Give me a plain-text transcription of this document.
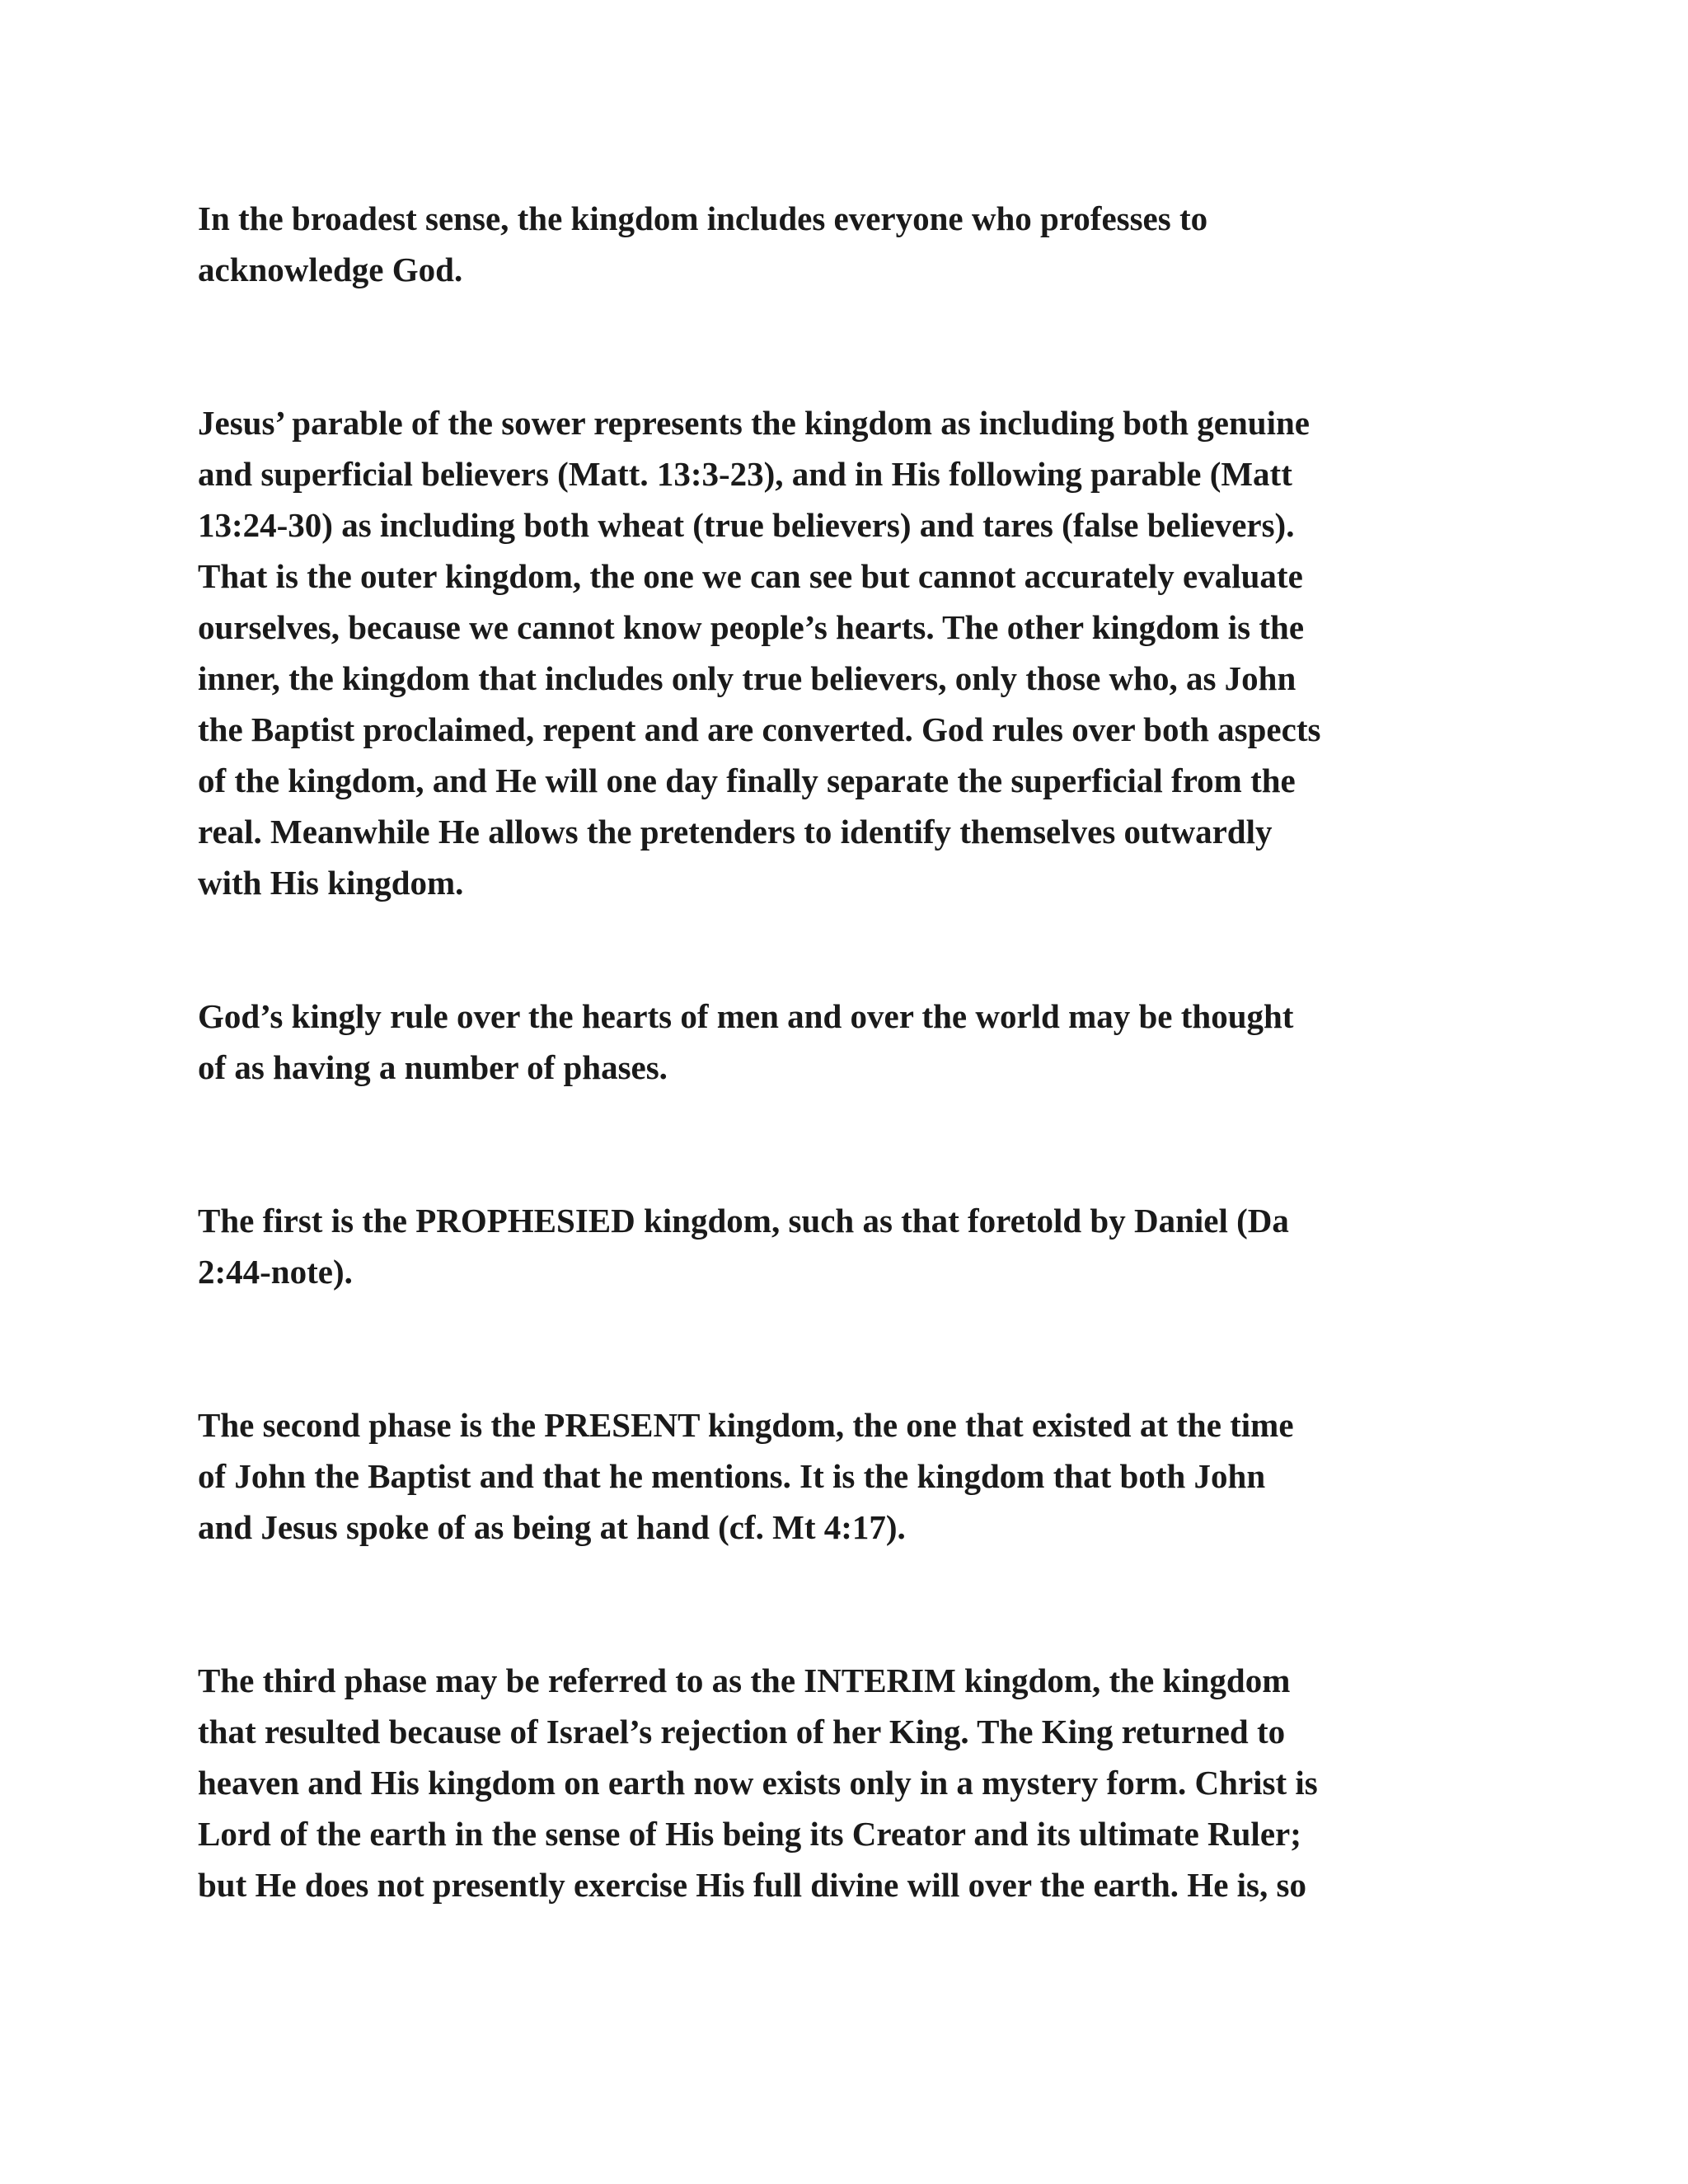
In the broadest sense, the kingdom includes everyone who professes to
acknowledge God.

Jesus’ parable of the sower represents the kingdom as including both genuine
and superficial believers (Matt. 13:3-23), and in His following parable (Matt
13:24-30) as including both wheat (true believers) and tares (false believers).
That is the outer kingdom, the one we can see but cannot accurately evaluate
ourselves, because we cannot know people’s hearts. The other kingdom is the
inner, the kingdom that includes only true believers, only those who, as John
the Baptist proclaimed, repent and are converted. God rules over both aspects
of the kingdom, and He will one day finally separate the superficial from the
real. Meanwhile He allows the pretenders to identify themselves outwardly
with His kingdom.

God’s kingly rule over the hearts of men and over the world may be thought
of as having a number of phases.

The first is the PROPHESIED kingdom, such as that foretold by Daniel (Da
2:44-note).

The second phase is the PRESENT kingdom, the one that existed at the time
of John the Baptist and that he mentions. It is the kingdom that both John
and Jesus spoke of as being at hand (cf. Mt 4:17).

The third phase may be referred to as the INTERIM kingdom, the kingdom
that resulted because of Israel’s rejection of her King. The King returned to
heaven and His kingdom on earth now exists only in a mystery form. Christ is
Lord of the earth in the sense of His being its Creator and its ultimate Ruler;
but He does not presently exercise His full divine will over the earth. He is, so
